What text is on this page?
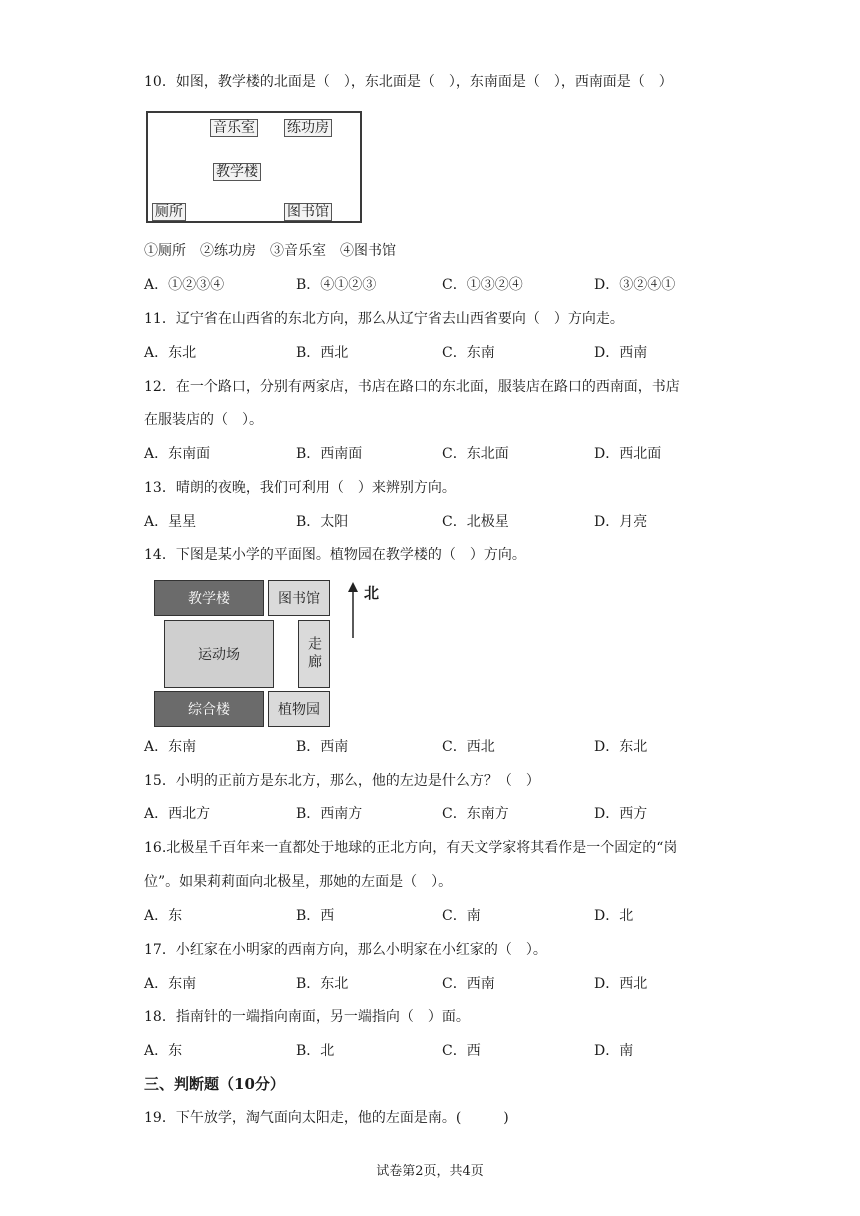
10．如图，教学楼的北面是（　），东北面是（　），东南面是（　），西南面是（　）
音乐室 练功房
教学楼
厕所	图书馆
①厕所　②练功房　③音乐室　④图书馆
A．①②③④	B．④①②③	C．①③②④	D．③②④①
11．辽宁省在山西省的东北方向，那么从辽宁省去山西省要向（　）方向走。
A．东北	B．西北	C．东南	D．西南
12．在一个路口，分别有两家店，书店在路口的东北面，服装店在路口的西南面，书店
在服装店的（　）。
A．东南面	B．西南面	C．东北面	D．西北面
13．晴朗的夜晚，我们可利用（　）来辨别方向。
A．星星	B．太阳	C．北极星	D．月亮
14．下图是某小学的平面图。植物园在教学楼的（　）方向。
教学楼	图书馆
运动场	走廊
综合楼	植物园
北
A．东南	B．西南	C．西北	D．东北
15．小明的正前方是东北方，那么，他的左边是什么方？（　）
A．西北方	B．西南方	C．东南方	D．西方
16.北极星千百年来一直都处于地球的正北方向，有天文学家将其看作是一个固定的“岗
位”。如果莉莉面向北极星，那她的左面是（　）。
A．东	B．西	C．南	D．北
17．小红家在小明家的西南方向，那么小明家在小红家的（　）。
A．东南	B．东北	C．西南	D．西北
18．指南针的一端指向南面，另一端指向（　）面。
A．东	B．北	C．西	D．南
三、判断题（10分）
19．下午放学，淘气面向太阳走，他的左面是南。(　　　)
试卷第2页，共4页
